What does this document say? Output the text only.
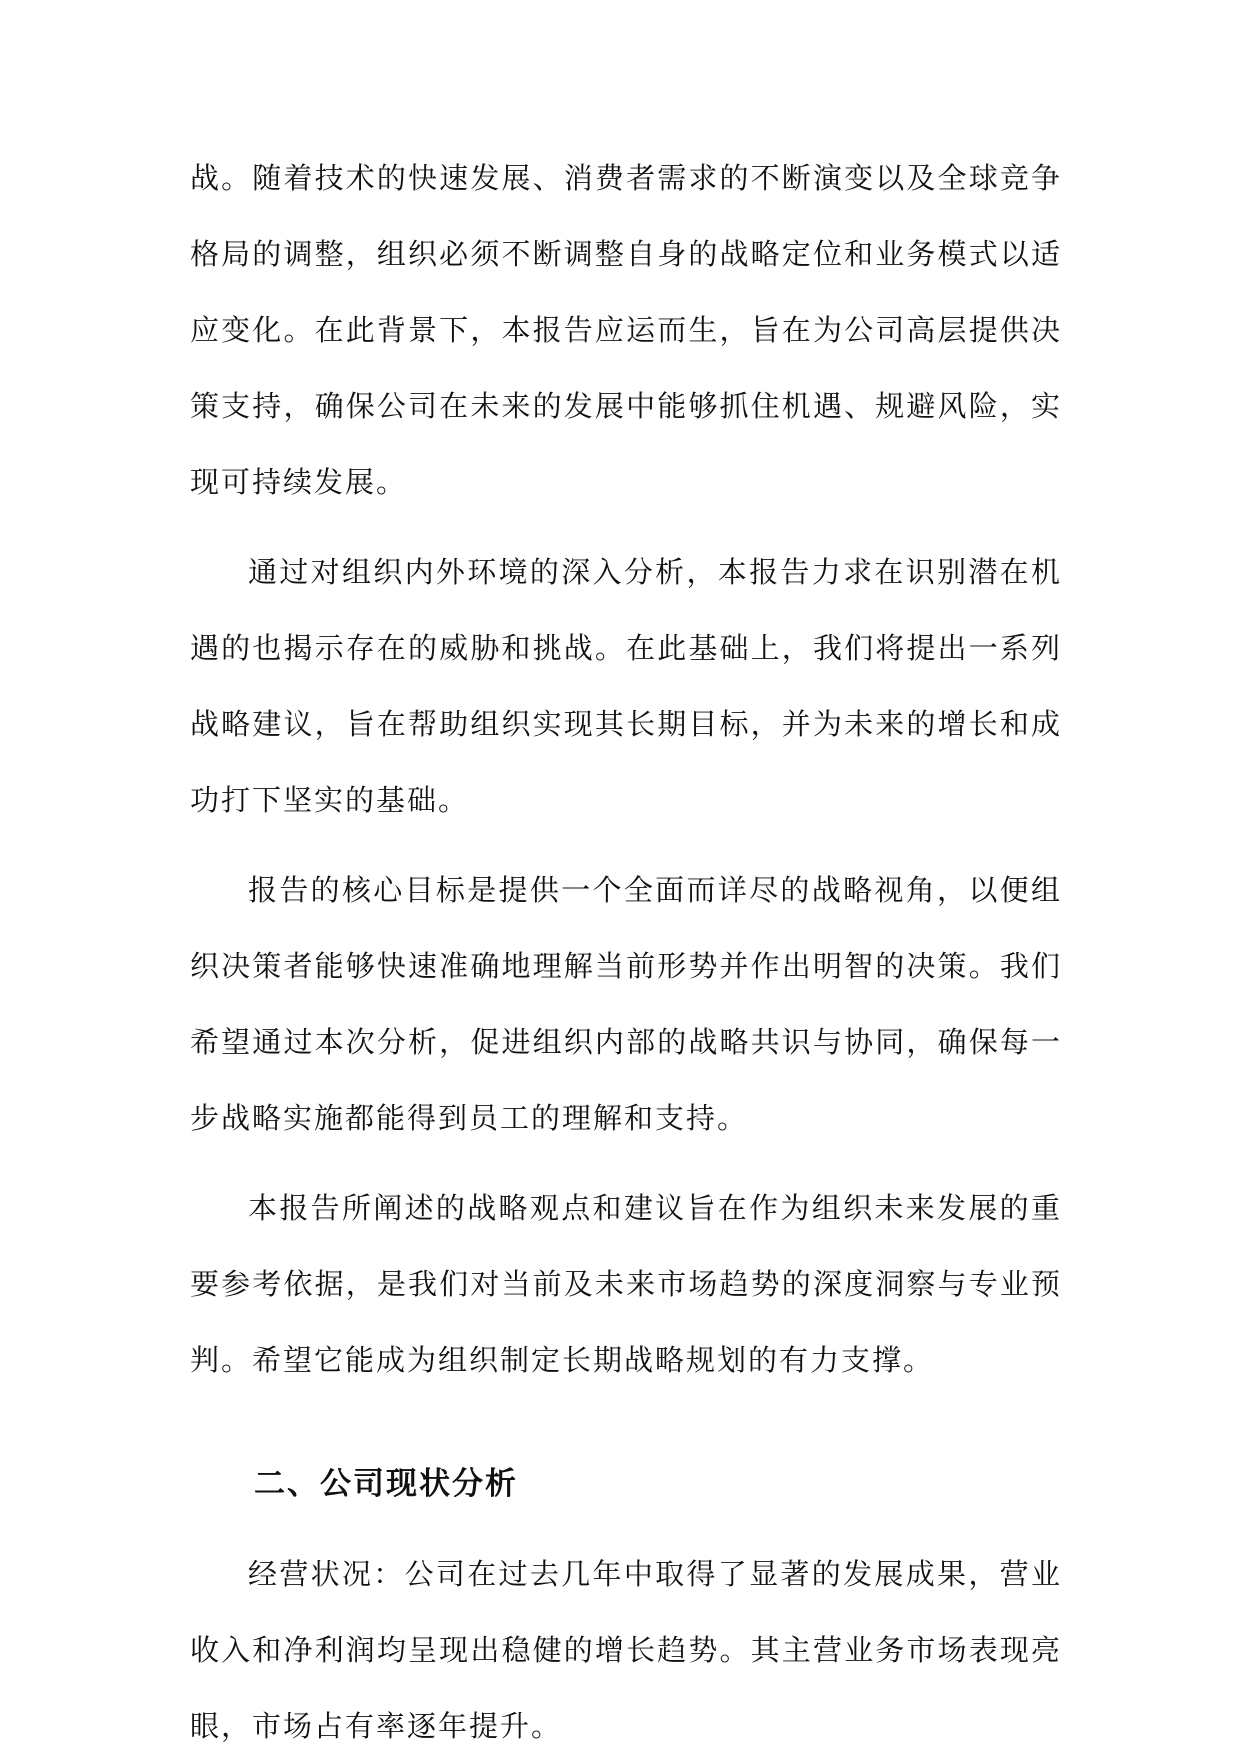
战。随着技术的快速发展、消费者需求的不断演变以及全球竞争格局的调整，组织必须不断调整自身的战略定位和业务模式以适应变化。在此背景下，本报告应运而生，旨在为公司高层提供决策支持，确保公司在未来的发展中能够抓住机遇、规避风险，实现可持续发展。

通过对组织内外环境的深入分析，本报告力求在识别潜在机遇的也揭示存在的威胁和挑战。在此基础上，我们将提出一系列战略建议，旨在帮助组织实现其长期目标，并为未来的增长和成功打下坚实的基础。

报告的核心目标是提供一个全面而详尽的战略视角，以便组织决策者能够快速准确地理解当前形势并作出明智的决策。我们希望通过本次分析，促进组织内部的战略共识与协同，确保每一步战略实施都能得到员工的理解和支持。

本报告所阐述的战略观点和建议旨在作为组织未来发展的重要参考依据，是我们对当前及未来市场趋势的深度洞察与专业预判。希望它能成为组织制定长期战略规划的有力支撑。

二、公司现状分析

经营状况：公司在过去几年中取得了显著的发展成果，营业收入和净利润均呈现出稳健的增长趋势。其主营业务市场表现亮眼，市场占有率逐年提升。
